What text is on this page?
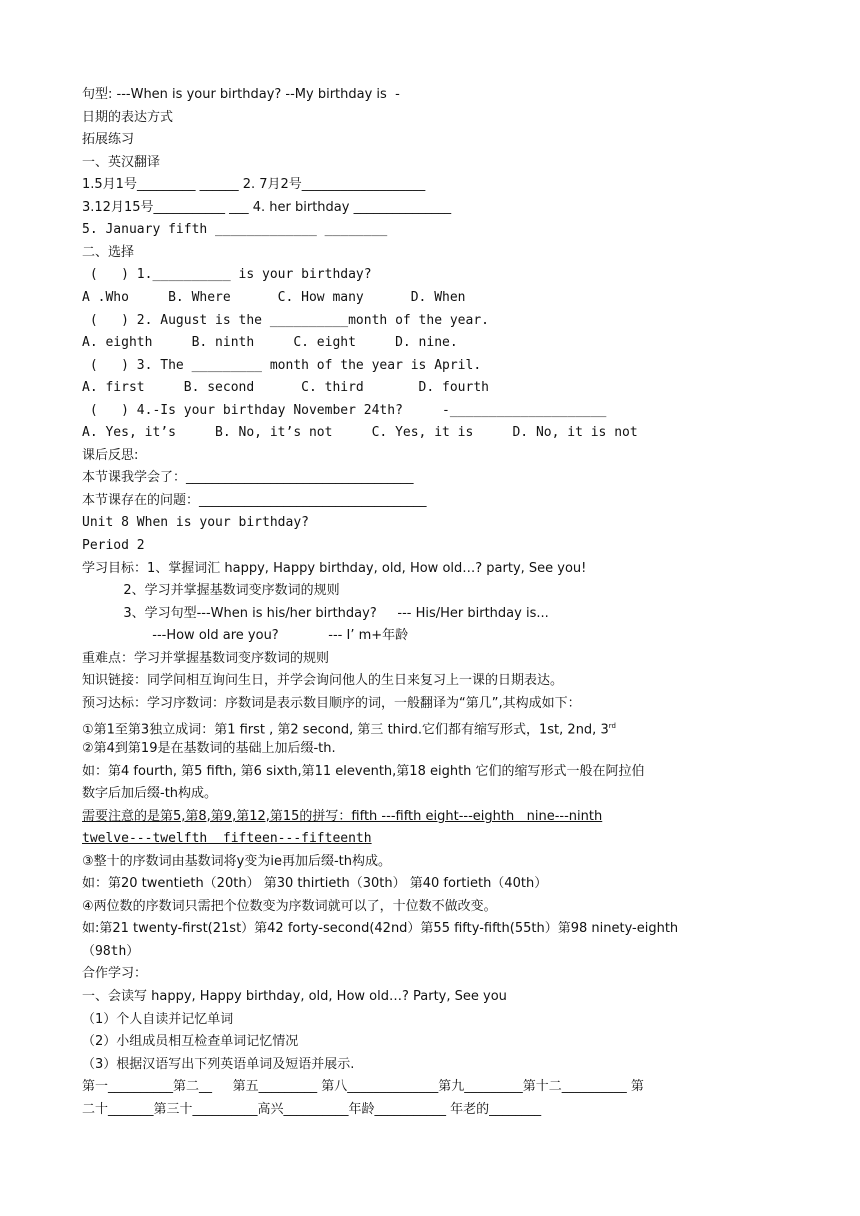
句型: ---When is your birthday? --My birthday is  -
日期的表达方式
拓展练习
一、英汉翻译
1.5月1号_________ ______ 2. 7月2号___________________
3.12月15号___________ ___ 4. her birthday _______________
5. January fifth _____________ ________
二、选择
(   ) 1.__________ is your birthday?
A .Who     B. Where      C. How many      D. When
(   ) 2. August is the __________month of the year.
A. eighth     B. ninth     C. eight     D. nine.
(   ) 3. The _________ month of the year is April.
A. first     B. second      C. third       D. fourth
(   ) 4.-Is your birthday November 24th?     -____________________
A. Yes, it’s     B. No, it’s not     C. Yes, it is     D. No, it is not
课后反思:
本节课我学会了：___________________________________
本节课存在的问题：___________________________________
Unit 8 When is your birthday?
Period 2
学习目标：1、掌握词汇 happy, Happy birthday, old, How old…? party, See you!
2、学习并掌握基数词变序数词的规则
3、学习句型---When is his/her birthday?     --- His/Her birthday is...
---How old are you?            --- I’ m+年龄
重难点：学习并掌握基数词变序数词的规则
知识链接：同学间相互询问生日，并学会询问他人的生日来复习上一课的日期表达。
预习达标：学习序数词：序数词是表示数目顺序的词，一般翻译为“第几”,其构成如下：
①第1至第3独立成词：第1 first , 第2 second, 第三 third.它们都有缩写形式，1st, 2nd, 3rd
②第4到第19是在基数词的基础上加后缀-th.
如：第4 fourth, 第5 fifth, 第6 sixth,第11 eleventh,第18 eighth 它们的缩写形式一般在阿拉伯
数字后加后缀-th构成。
需要注意的是第5,第8,第9,第12,第15的拼写：fifth ---fifth eight---eighth   nine---ninth
twelve---twelfth  fifteen---fifteenth
③整十的序数词由基数词将y变为ie再加后缀-th构成。
如：第20 twentieth（20th） 第30 thirtieth（30th） 第40 fortieth（40th）
④两位数的序数词只需把个位数变为序数词就可以了，十位数不做改变。
如:第21 twenty-first(21st）第42 forty-second(42nd）第55 fifty-fifth(55th）第98 ninety-eighth
（98th）
合作学习：
一、会读写 happy, Happy birthday, old, How old…? Party, See you
（1）个人自读并记忆单词
（2）小组成员相互检查单词记忆情况
（3）根据汉语写出下列英语单词及短语并展示.
第一__________第二__     第五_________ 第八______________第九_________第十二__________ 第
二十_______第三十__________高兴__________年龄___________ 年老的________
